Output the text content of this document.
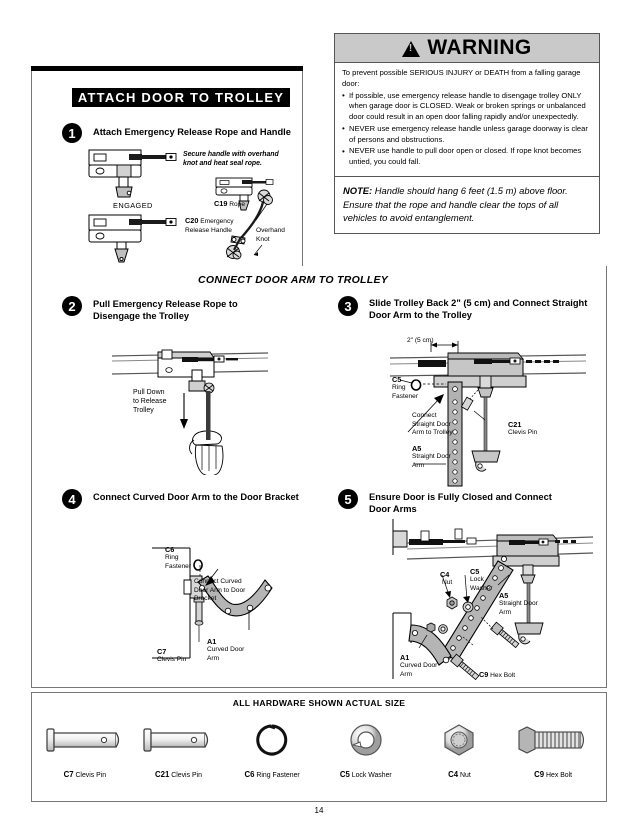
!
WARNING

To prevent possible SERIOUS INJURY or DEATH from a falling garage door:

• If possible, use emergency release handle to disengage trolley ONLY when garage door is CLOSED. Weak or broken springs or unbalanced door could result in an open door falling rapidly and/or unexpectedly.
• NEVER use emergency release handle unless garage doorway is clear of persons and obstructions.
• NEVER use handle to pull door open or closed. If rope knot becomes untied, you could fall.
NOTE: Handle should hang 6 feet (1.5 m) above floor. Ensure that the rope and handle clear the tops of all vehicles to avoid entanglement.
ATTACH DOOR TO TROLLEY
1	Attach Emergency Release Rope and Handle
ENGAGED
Secure handle with overhand knot and heat seal rope.
C19 Rope
C20 Emergency Release Handle	Overhand Knot
CONNECT DOOR ARM TO TROLLEY
2	Pull Emergency Release Rope to Disengage the Trolley
Pull Down to Release Trolley
3	Slide Trolley Back 2" (5 cm) and Connect Straight Door Arm to the Trolley
2" (5 cm)
C5
Ring Fastener
Connect Straight Door Arm to Trolley
C21
Clevis Pin
A5
Straight Door Arm
4	Connect Curved Door Arm to the Door Bracket
C6
Ring Fastener
Connect Curved Door Arm to Door Bracket
C7
Clevis Pin
A1
Curved Door Arm
5	Ensure Door is Fully Closed and Connect Door Arms
C4
Nut
C5
Lock Washer
A5
Straight Door Arm
C9 Hex Bolt
A1
Curved Door Arm
ALL HARDWARE SHOWN ACTUAL SIZE
C7 Clevis Pin	C21 Clevis Pin	C6 Ring Fastener	C5 Lock Washer	C4 Nut	C9 Hex Bolt
14
